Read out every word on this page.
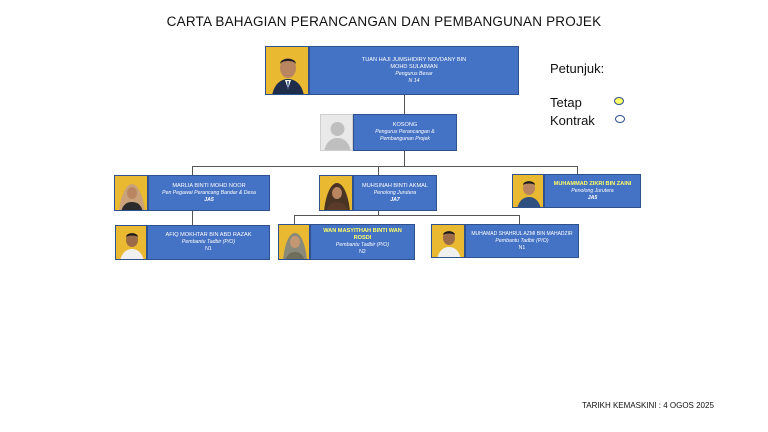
CARTA BAHAGIAN PERANCANGAN DAN PEMBANGUNAN PROJEK
TUAN HAJI JUMSHIDIRY NOVDANY BIN MOHD SULAIMAN
Pengurus Besar
N 14
KOSONG
Pengurus Perancangan & Pembangunan Projek
MARLIA BINTI MOHD NOOR
Pen Pegawai Perancang Bandar & Desa
JA5
MUHSINAH BINTI AKMAL
Penolong Jurutera
JA7
MUHAMMAD ZIKRI BIN ZAINI
Penolong Jurutera
JA5
AFIQ MOKHTAR BIN ABD RAZAK
Pembantu Tadbir (P/O)
N1
WAN MASYITHAH BINTI WAN ROSDI
Pembantu Tadbir (P/O)
N2
MUHAMAD SHAHRUL AZMI BIN MAHADZIR
Pembantu Tadbir (P/O)
N1
Petunjuk:
Tetap
Kontrak
TARIKH KEMASKINI : 4 OGOS 2025
